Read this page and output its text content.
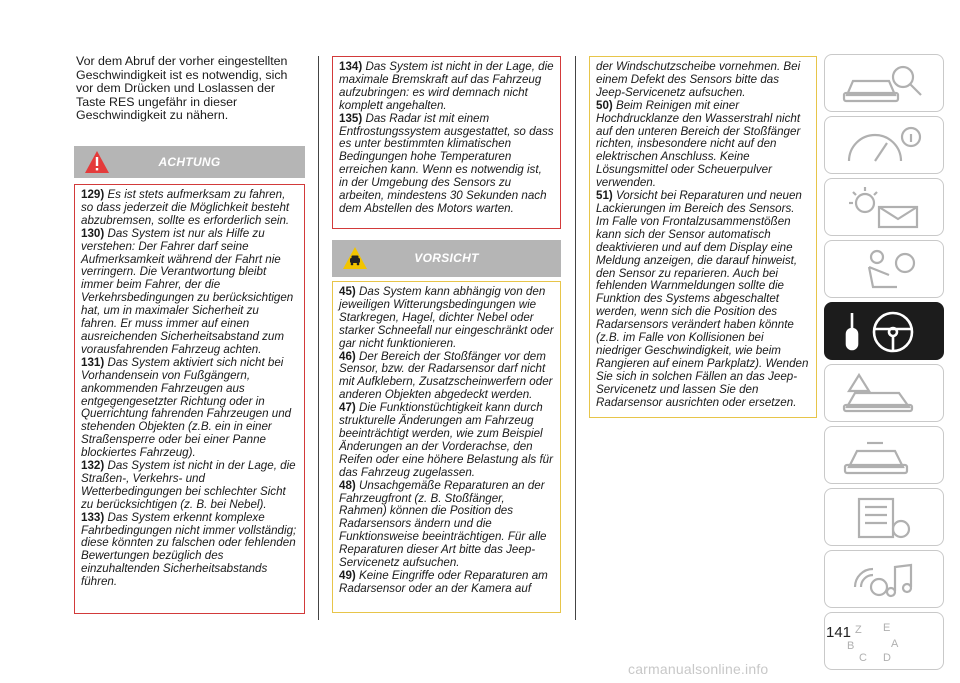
Vor dem Abruf der vorher eingestellten Geschwindigkeit ist es notwendig, sich vor dem Drücken und Loslassen der Taste RES ungefähr in dieser Geschwindigkeit zu nähern.
ACHTUNG

129) Es ist stets aufmerksam zu fahren, so dass jederzeit die Möglichkeit besteht abzubremsen, sollte es erforderlich sein.

130) Das System ist nur als Hilfe zu verstehen: Der Fahrer darf seine Aufmerksamkeit während der Fahrt nie verringern. Die Verantwortung bleibt immer beim Fahrer, der die Verkehrsbedingungen zu berücksichtigen hat, um in maximaler Sicherheit zu fahren. Er muss immer auf einen ausreichenden Sicherheitsabstand zum vorausfahrenden Fahrzeug achten.

131) Das System aktiviert sich nicht bei Vorhandensein von Fußgängern, ankommenden Fahrzeugen aus entgegengesetzter Richtung oder in Querrichtung fahrenden Fahrzeugen und stehenden Objekten (z.B. ein in einer Straßensperre oder bei einer Panne blockiertes Fahrzeug).

132) Das System ist nicht in der Lage, die Straßen-, Verkehrs- und Wetterbedingungen bei schlechter Sicht zu berücksichtigen (z. B. bei Nebel).

133) Das System erkennt komplexe Fahrbedingungen nicht immer vollständig; diese könnten zu falschen oder fehlenden Bewertungen bezüglich des einzuhaltenden Sicherheitsabstands führen.

134) Das System ist nicht in der Lage, die maximale Bremskraft auf das Fahrzeug aufzubringen: es wird demnach nicht komplett angehalten.

135) Das Radar ist mit einem Entfrostungssystem ausgestattet, so dass es unter bestimmten klimatischen Bedingungen hohe Temperaturen erreichen kann. Wenn es notwendig ist, in der Umgebung des Sensors zu arbeiten, mindestens 30 Sekunden nach dem Abstellen des Motors warten.

VORSICHT

45) Das System kann abhängig von den jeweiligen Witterungsbedingungen wie Starkregen, Hagel, dichter Nebel oder starker Schneefall nur eingeschränkt oder gar nicht funktionieren.

46) Der Bereich der Stoßfänger vor dem Sensor, bzw. der Radarsensor darf nicht mit Aufklebern, Zusatzscheinwerfern oder anderen Objekten abgedeckt werden.

47) Die Funktionstüchtigkeit kann durch strukturelle Änderungen am Fahrzeug beeinträchtigt werden, wie zum Beispiel Änderungen an der Vorderachse, den Reifen oder eine höhere Belastung als für das Fahrzeug zugelassen.

48) Unsachgemäße Reparaturen an der Fahrzeugfront (z. B. Stoßfänger, Rahmen) können die Position des Radarsensors ändern und die Funktionsweise beeinträchtigen. Für alle Reparaturen dieser Art bitte das Jeep-Servicenetz aufsuchen.

49) Keine Eingriffe oder Reparaturen am Radarsensor oder an der Kamera auf

der Windschutzscheibe vornehmen. Bei einem Defekt des Sensors bitte das Jeep-Servicenetz aufsuchen.

50) Beim Reinigen mit einer Hochdrucklanze den Wasserstrahl nicht auf den unteren Bereich der Stoßfänger richten, insbesondere nicht auf den elektrischen Anschluss. Keine Lösungsmittel oder Scheuerpulver verwenden.

51) Vorsicht bei Reparaturen und neuen Lackierungen im Bereich des Sensors. Im Falle von Frontalzusammenstößen kann sich der Sensor automatisch deaktivieren und auf dem Display eine Meldung anzeigen, die darauf hinweist, den Sensor zu reparieren. Auch bei fehlenden Warnmeldungen sollte die Funktion des Systems abgeschaltet werden, wenn sich die Position des Radarsensors verändert haben könnte (z.B. im Falle von Kollisionen bei niedriger Geschwindigkeit, wie beim Rangieren auf einem Parkplatz). Wenden Sie sich in solchen Fällen an das Jeep-Servicenetz und lassen Sie den Radarsensor ausrichten oder ersetzen.

Z E
B	A
C D
141
carmanualsonline.info
